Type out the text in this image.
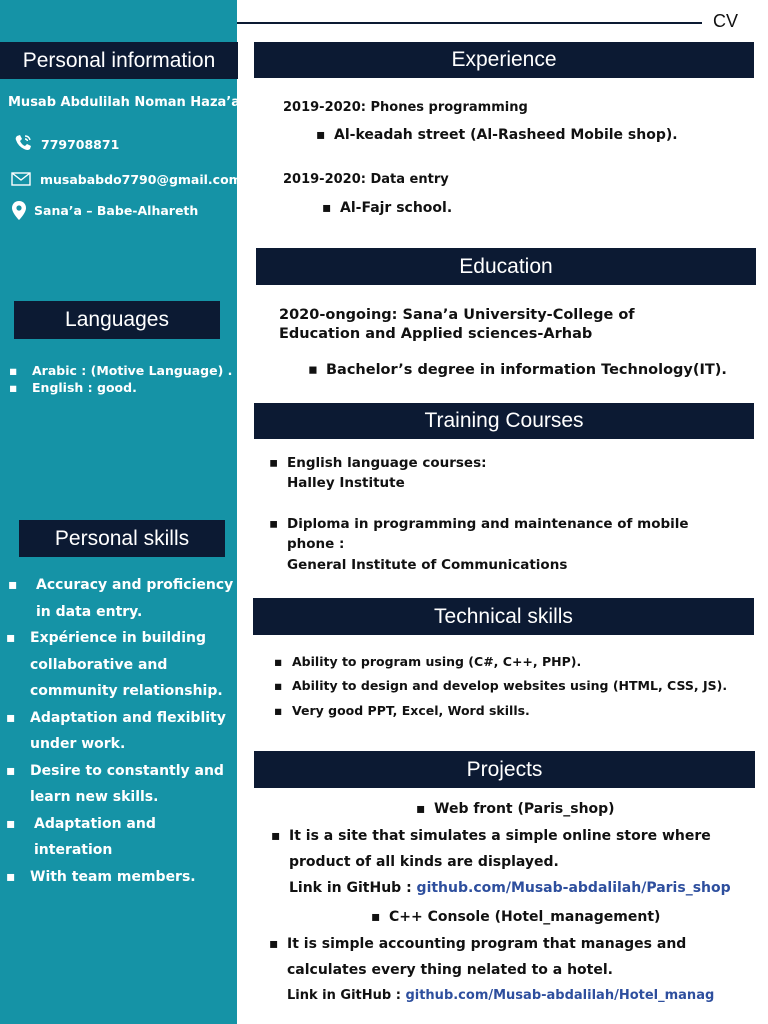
CV
Personal information
Musab Abdulilah Noman Haza’a
779708871
musababdo7790@gmail.com
Sana’a – Babe-Alhareth
Languages
▪ Arabic : (Motive Language) .
▪ English : good.
Personal skills
▪ Accuracy and proficiency
in data entry.
▪ Expérience in building
collaborative and
community relationship.
▪ Adaptation and flexiblity
under work.
▪ Desire to constantly and
learn new skills.
▪ Adaptation and interation
▪ With team members.
Experience
2019-2020: Phones programming
▪ Al-keadah street (Al-Rasheed Mobile shop).
2019-2020: Data entry
▪ Al-Fajr school.
Education
2020-ongoing: Sana’a University-College of
Education and Applied sciences-Arhab
▪ Bachelor’s degree in information Technology(IT).
Training Courses
▪ English language courses:
Halley Institute
▪ Diploma in programming and maintenance of mobile
phone :
General Institute of Communications
Technical skills
▪ Ability to program using (C#, C++, PHP).
▪ Ability to design and develop websites using (HTML, CSS, JS).
▪ Very good PPT, Excel, Word skills.
Projects
▪ Web front (Paris_shop)
▪ It is a site that simulates a simple online store where
product of all kinds are displayed.
Link in GitHub : github.com/Musab-abdalilah/Paris_shop
▪ C++ Console (Hotel_management)
▪ It is simple accounting program that manages and
calculates every thing nelated to a hotel.
Link in GitHub : github.com/Musab-abdalilah/Hotel_manag
